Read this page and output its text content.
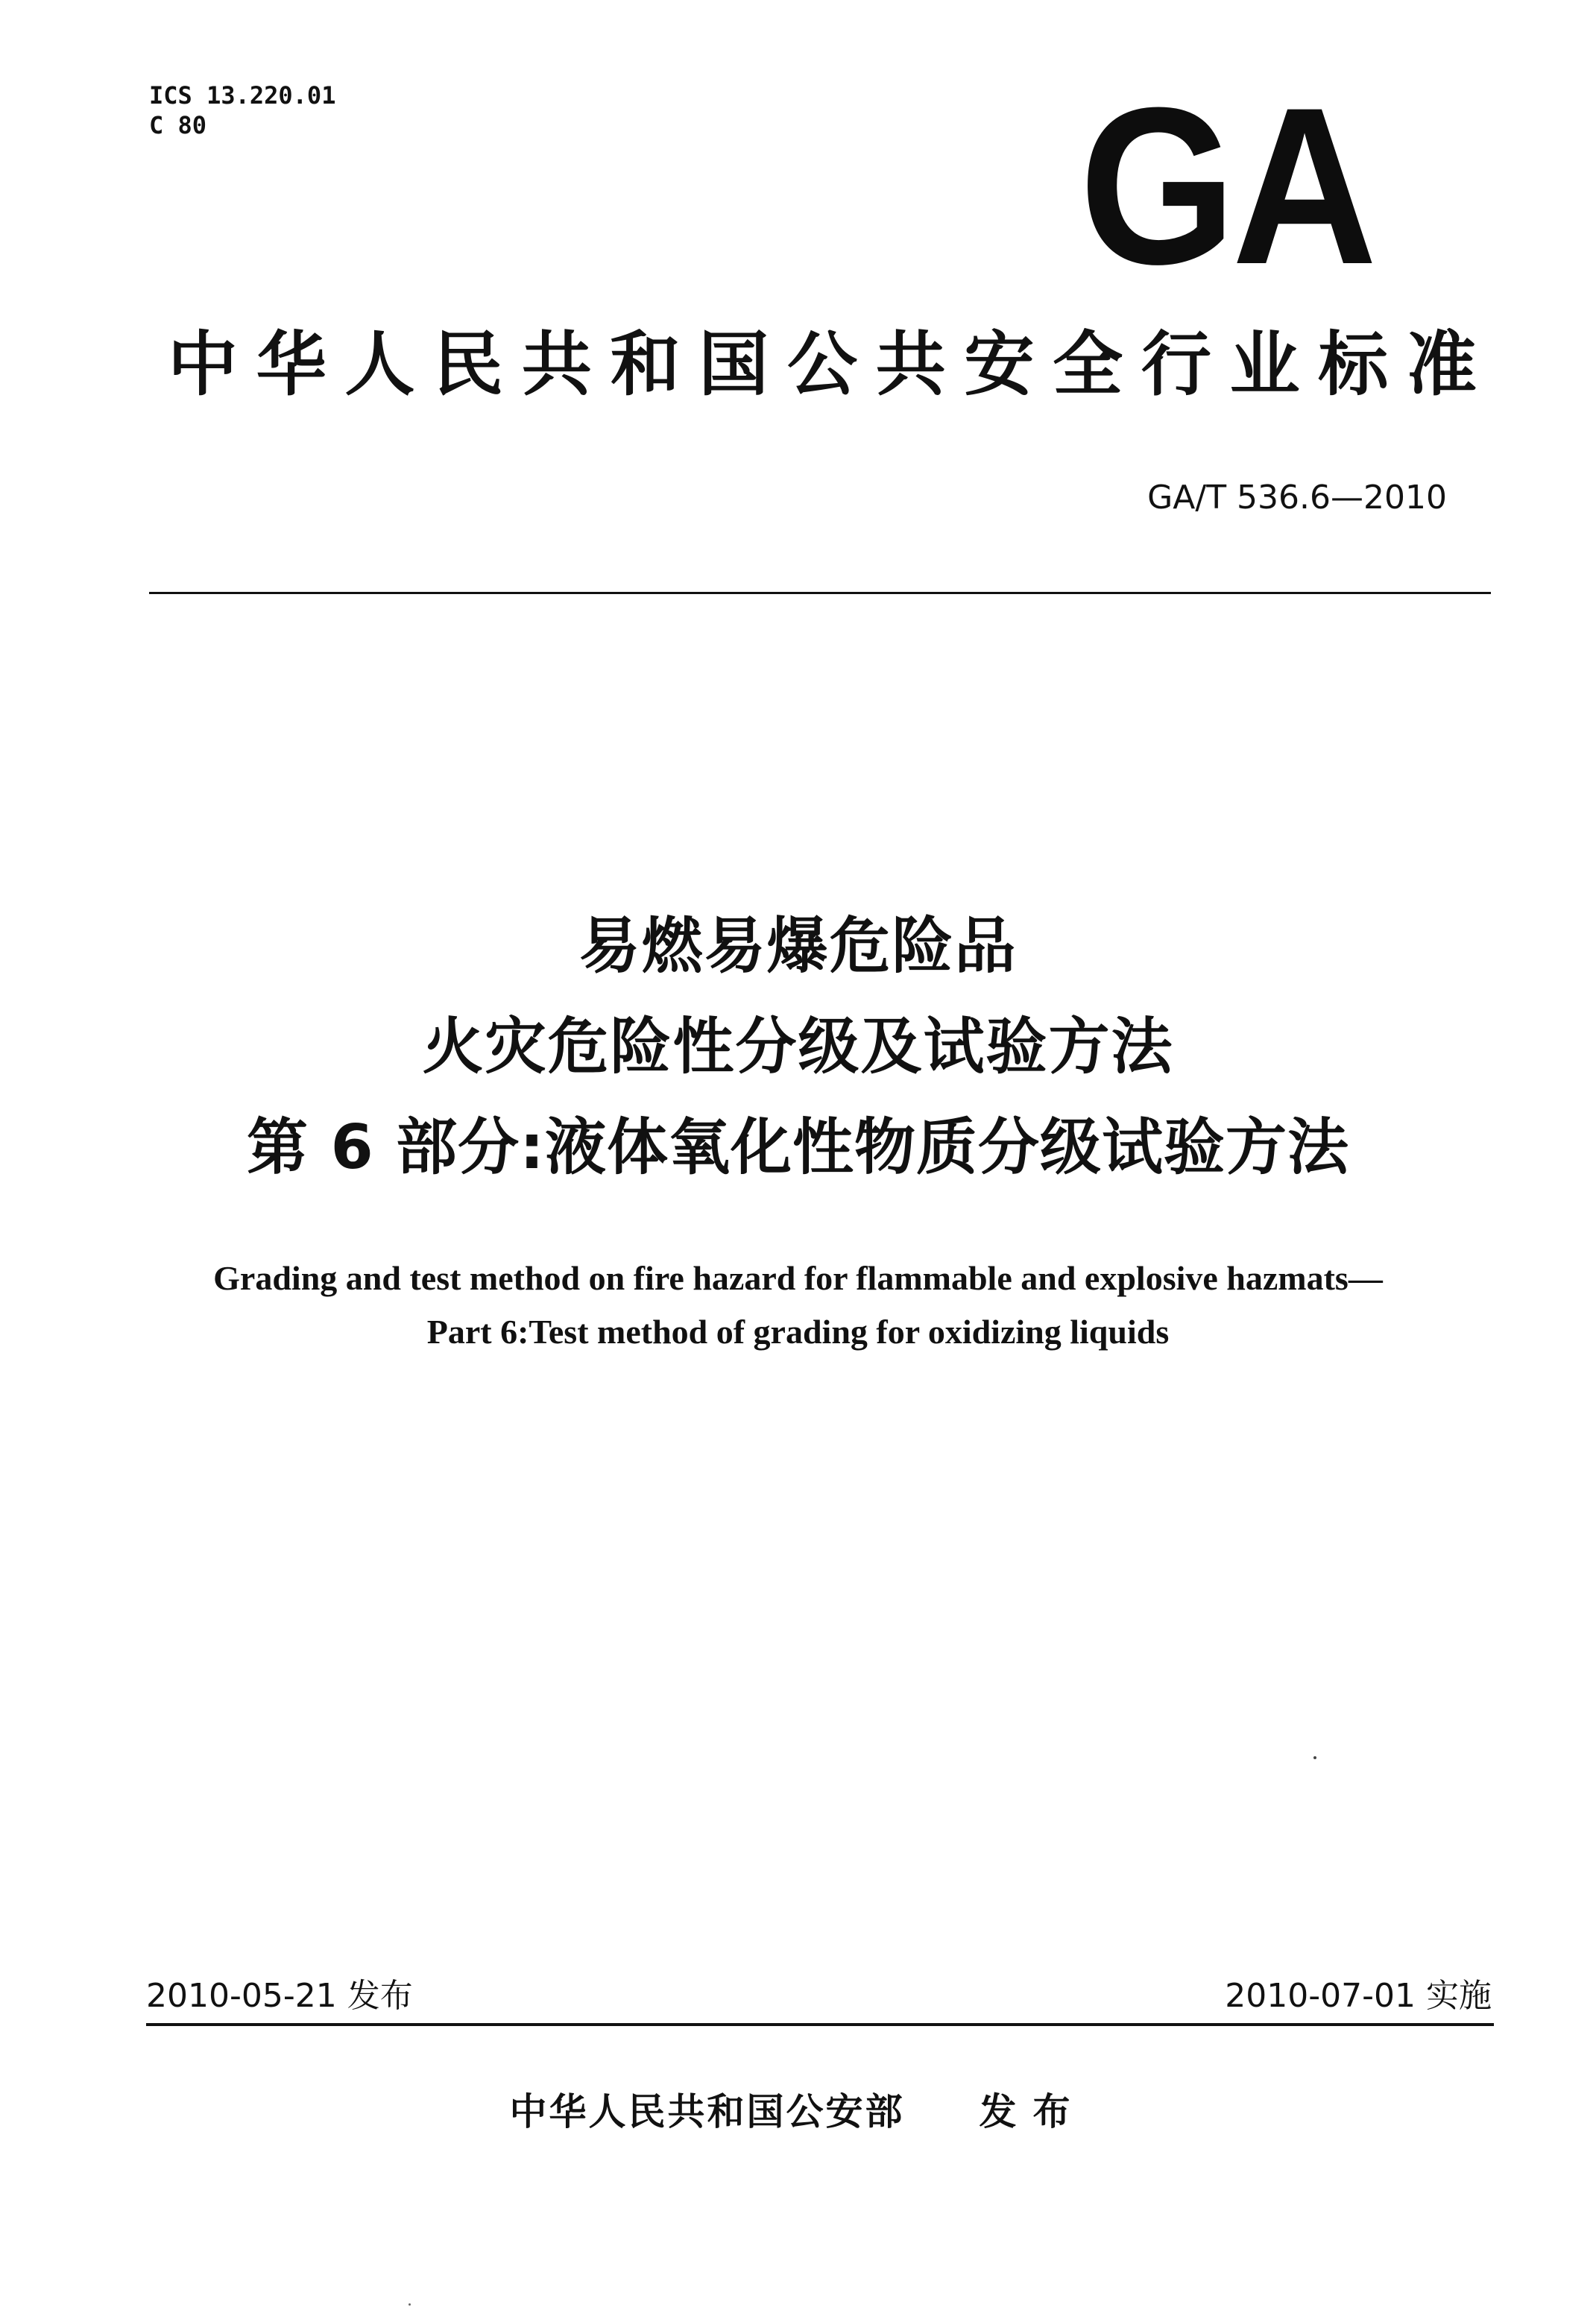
ICS 13.220.01
C 80	GA
中华人民共和国公共安全行业标准
GA/T 536.6—2010
易燃易爆危险品
火灾危险性分级及试验方法
第 6 部分:液体氧化性物质分级试验方法
Grading and test method on fire hazard for flammable and explosive hazmats—
Part 6:Test method of grading for oxidizing liquids
2010-05-21 发布	2010-07-01 实施
中华人民共和国公安部 发布
